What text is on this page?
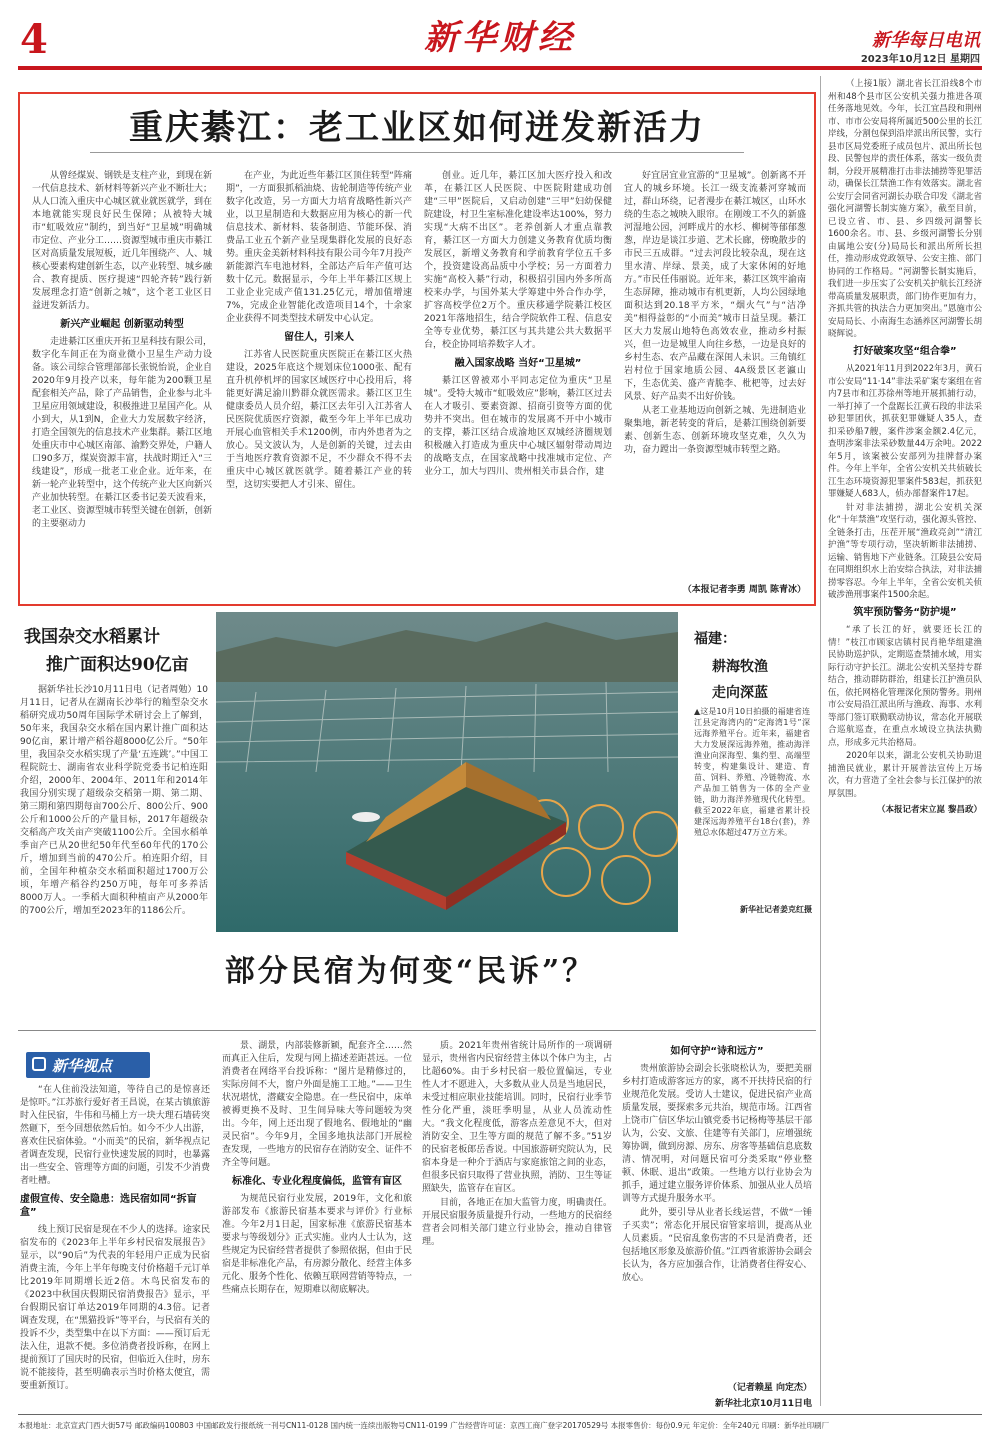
4	新华财经	新华每日电讯
2023年10月12日 星期四
重庆綦江：老工业区如何迸发新活力

从曾经煤炭、钢铁是支柱产业，到现在新一代信息技术、新材料等新兴产业不断壮大；从人口流入重庆中心城区就业就医就学，到在本地就能实现良好民生保障；从被特大城市“虹吸效应”制约，到当好“卫星城”明确城市定位、产业分工……资源型城市重庆市綦江区对高质量发展短板，近几年围绕产、人、城核心要素构建创新生态，以产业转型、城乡融合、教育提质、医疗提速“四轮齐转”践行新发展理念打造“创新之城”，这个老工业区日益迸发新活力。

新兴产业崛起 创新驱动转型

走进綦江区重庆开拓卫星科技有限公司，数字化车间正在为商业微小卫星生产动力设备。该公司综合管理部部长张锐怡说，企业自2020年9月投产以来，每年能为200颗卫星配套相关产品，除了产品销售，企业参与北斗卫星应用领域建设，积极推进卫星国产化。从小到大，从1到N，企业大力发展数字经济，打造全国领先的信息技术产业集群。綦江区地处重庆市中心城区南部、渝黔交界处，户籍人口90多万，煤炭资源丰富，扶战时期迁入“三线建设”，形成一批老工业企业。近年来，在新一轮产业转型中，这个传统产业大区向新兴产业加快转型。在綦江区委书记姜天波看来，老工业区、资源型城市转型关键在创新，创新的主要驱动力

在产业，为此近些年綦江区顶住转型“阵痛期”，一方面狠抓稻油烧、齿轮制造等传统产业数字化改造，另一方面大力培育战略性新兴产业，以卫星制造和大数据应用为核心的新一代信息技术、新材料、装备制造、节能环保、消费品工业五个新产业呈现集群化发展的良好态势。重庆金美新材料科技有限公司今年7月投产新能源汽车电池材料，全部达产后年产值可达数十亿元。数据显示，今年上半年綦江区规上工业企业完成产值131.25亿元，增加值增速7%，完成企业智能化改造项目14个，十余家企业获得不同类型技术研发中心认定。

留住人，引来人

江苏省人民医院重庆医院正在綦江区火热建设，2025年底这个规划床位1000张、配有直升机停机坪的国家区域医疗中心投用后，将能更好满足渝川黔群众就医需求。綦江区卫生健康委员人员介绍，綦江区去年引入江苏省人民医院优质医疗资源，截至今年上半年已成功开展心血管相关手术1200例，市内外患者为之放心。吴文波认为，人是创新的关键，过去由于当地医疗教育资源不足，不少群众不得不去重庆中心城区就医就学。随着綦江产业的转型，这切实要把人才引来、留住。

创业。近几年，綦江区加大医疗投入和改革，在綦江区人民医院、中医院附建成功创建“三甲”医院后，又启动创建“三甲”妇幼保健院建设，村卫生室标准化建设率达100%，努力实现“大病不出区”。老养创新人才重点靠教育，綦江区一方面大力创建义务教育优质均衡发展区，新增义务教育和学前教育学位五千多个，投资建设高品质中小学校；另一方面着力实施“高校入綦”行动，积极招引国内外多所高校来办学，与国外某大学筹建中外合作办学，扩容高校学位2万个。重庆移通学院綦江校区2021年落地招生，结合学院软件工程、信息安全等专业优势，綦江区与其共建公共大数据平台，校企协同培养数字人才。

融入国家战略 当好“卫星城”

綦江区曾被邓小平同志定位为重庆“卫星城”。受特大城市“虹吸效应”影响，綦江区过去在人才吸引、要素资源、招商引资等方面的优势并不突出。但在城市的发展离不开中小城市的支撑，綦江区结合成渝地区双城经济圈规划积极融入打造成为重庆中心城区辐射带动周边的战略支点，在国家战略中找准城市定位、产业分工，加大与四川、贵州相关市县合作，建

好宜居宜业宜游的“卫星城”。创新离不开宜人的城乡环境。长江一级支流綦河穿城而过，群山环绕，记者漫步在綦江城区，山环水绕的生态之城映入眼帘。在刚竣工不久的新盛河湿地公园，河畔成片的水杉、柳树等郁郁葱葱，岸边是谈江步道、艺术长廊，傍晚散步的市民三五成群。“过去河段比较杂乱，现在这里水清、岸绿、景美，成了大家休闲的好地方。”市民任伟丽说。近年来，綦江区筑牢渝南生态屏障，推动城市有机更新，人均公园绿地面积达到20.18平方米，“烟火气”与“洁净美”相得益彰的“小而美”城市日益呈现。綦江区大力发展山地特色高效农业，推动乡村振兴，但一边是城里人向往乡愁，一边是良好的乡村生态、农产品藏在深闺人未识。三角镇红岩村位于国家地质公园、4A级景区老瀛山下，生态优美、盛产青脆李、枇杷等，过去好风景、好产品卖不出好价钱。

从老工业基地迈向创新之城、先进制造业聚集地，新老转变的背后，是綦江围绕创新要素、创新生态、创新环境攻坚克难，久久为功，奋力蹚出一条资源型城市转型之路。

（本报记者李勇 周凯 陈青冰）
我国杂交水稻累计
推广面积达90亿亩

据新华社长沙10月11日电（记者周勉）10月11日，记者从在湖南长沙举行的籼型杂交水稻研究成功50周年国际学术研讨会上了解到，50年来，我国杂交水稻在国内累计推广面积达90亿亩，累计增产稻谷超8000亿公斤。“50年里，我国杂交水稻实现了产量‘五连跳’。”中国工程院院士、湖南省农业科学院党委书记柏连阳介绍，2000年、2004年、2011年和2014年我国分别实现了超级杂交稻第一期、第二期、第三期和第四期每亩700公斤、800公斤、900公斤和1000公斤的产量目标，2017年超级杂交稻高产攻关亩产突破1100公斤。全国水稻单季亩产已从20世纪50年代至60年代的170公斤，增加到当前的470公斤。柏连阳介绍，目前，全国年种植杂交水稻面积超过1700万公顷，年增产稻谷约250万吨，每年可多养活8000万人。一季稻大面积种植亩产从2000年的700公斤，增加至2023年的1186公斤。

福建：
耕海牧渔
走向深蓝

▲这是10月10日拍摄的福建省连江县定海湾内的“定海湾1号”深远海养殖平台。近年来，福建省大力发展深远海养殖，推动海洋渔业向深海型、集约型、高端型转变，构建集设计、建造、育苗、饲料、养殖、冷链物流、水产品加工销售为一体的全产业链，助力海洋养殖现代化转型。截至2022年底，福建省累计投建深远海养殖平台18台(套)，养殖总水体超过47万立方米。

新华社记者姜克红摄
部分民宿为何变“民诉”？
新华视点

“在人住前没法知道，等待自己的是惊喜还是惊吓。”江苏旅行爱好者王昌说，在某古镇旅游时入住民宿，牛伟和马桶上方一块大理石墙砖突然砸下，至今回想依然后怕。如今不少人出游，喜欢住民宿体验。“小而美”的民宿，新华视点记者调查发现，民宿行业快速发展的同时，也暴露出一些安全、管理等方面的问题，引发不少消费者吐槽。

虚假宣传、安全隐患：选民宿如同“拆盲盒”

线上预订民宿是现在不少人的选择。途家民宿发布的《2023年上半年乡村民宿发展报告》显示，以“90后”为代表的年轻用户正成为民宿消费主流，今年上半年每晚支付价格超千元订单比2019年同期增长近2倍。木鸟民宿发布的《2023中秋国庆假期民宿消费报告》显示，平台假期民宿订单达2019年同期的4.3倍。记者调查发现，在“黑猫投诉”等平台，与民宿有关的投诉不少，类型集中在以下方面：——预订后无法入住，退款不便。多位消费者投诉称，在网上提前预订了国庆时的民宿，但临近入住时，房东说不能接待，甚至明确表示当时价格太便宜，需要重新预订。

景、湖景，内部装修新颖，配套齐全……然而真正入住后，发现与网上描述差距甚远。一位消费者在网络平台投诉称：“图片是精修过的，实际房间不大，窗户外面是施工工地。”——卫生状况堪忧，潜藏安全隐患。在一些民宿中，床单被褥更换不及时、卫生间异味大等问题较为突出。今年，网上还出现了假地名、假地址的“幽灵民宿”。今年9月，全国多地执法部门开展检查发现，一些地方的民宿存在消防安全、证件不齐全等问题。

标准化、专业化程度偏低，监管有盲区

为规范民宿行业发展，2019年，文化和旅游部发布《旅游民宿基本要求与评价》行业标准。今年2月1日起，国家标准《旅游民宿基本要求与等级划分》正式实施。业内人士认为，这些规定为民宿经营者提供了参照依据，但由于民宿是非标准化产品，有房源分散化、经营主体多元化、服务个性化、依赖互联网营销等特点，一些痛点长期存在，短期难以彻底解决。

质。2021年贵州省统计局所作的一项调研显示，贵州省内民宿经营主体以个体户为主，占比超60%。由于乡村民宿一般位置偏远，专业性人才不愿进入，大多数从业人员是当地居民，未受过相应职业技能培训。同时，民宿行业季节性分化严重，淡旺季明显，从业人员流动性大。“我文化程度低，游客点差意见不大，但对消防安全、卫生等方面的规范了解不多。”51岁的民宿老板郎岳香说。中国旅游研究院认为，民宿本身是一种介于酒店与家庭旅馆之间的业态，但很多民宿只取得了营业执照，消防、卫生等证照缺失，监管存在盲区。

目前，各地正在加大监管力度，明确责任。开展民宿服务质量提升行动，一些地方的民宿经营者会同相关部门建立行业协会，推动自律管理。

如何守护“诗和远方”

贵州旅游协会副会长张晓松认为，要把美丽乡村打造成游客远方的家，离不开扶持民宿的行业规范化发展。受访人士建议，促进民宿产业高质量发展，要探索多元共治，规范市场。江西省上饶市广信区华坛山镇党委书记杨梅等基层干部认为，公安、文旅、住建等有关部门，应增强统筹协调，做到房源、房东、房客等基础信息底数清、情况明，对问题民宿可分类采取“停业整顿、休眠、退出”政策。一些地方以行业协会为抓手，通过建立服务评价体系、加强从业人员培训等方式提升服务水平。

此外，要引导从业者长线运营，不做“一锤子买卖”；常态化开展民宿管家培训，提高从业人员素质。“民宿乱象伤害的不只是消费者，还包括地区形象及旅游价值。”江西省旅游协会副会长认为，各方应加强合作，让消费者住得安心、放心。

（记者赖星 向定杰）
新华社北京10月11日电

（上接1版）湖北省长江沿线8个市州和48个县市区公安机关强力推进各项任务落地见效。今年，长江宜昌段和荆州市、市市公安局将所属近500公里的长江岸线，分割包保到沿岸派出所民警，实行县市区局党委班子成员包片、派出所长包段、民警包岸的责任体系，落实一级负责制，分段开展精准打击非法捕捞等犯罪活动，确保长江禁渔工作有效落实。湖北省公安厅会同省河湖长办联合印发《湖北省强化河湖警长制实施方案》，截至目前，已设立省、市、县、乡四级河湖警长1600余名。市、县、乡级河湖警长分别由属地公安(分)局局长和派出所所长担任，推动形成党政领导、公安主推、部门协同的工作格局。“河湖警长制实施后，我们进一步压实了公安机关护航长江经济带高质量发展职责，部门协作更加有力，齐抓共管的执法合力更加突出。”恩施市公安局局长、小南海生态涵养区河湖警长胡晓辉说。

打好破案攻坚“组合拳”

从2021年11月到2022年3月，黄石市公安局“11·14”非法采矿案专案组在省内7县市和江苏徐州等地开展抓捕行动，一举打掉了一个盘踞长江黄石段的非法采砂犯罪团伙，抓获犯罪嫌疑人35人，查扣采砂船7艘，案件涉案金额2.4亿元，查明涉案非法采砂数量44万余吨。2022年5月，该案被公安部列为挂牌督办案件。今年上半年，全省公安机关共侦破长江生态环境资源犯罪案件583起，抓获犯罪嫌疑人683人，侦办部督案件17起。

针对非法捕捞，湖北公安机关深化“十年禁渔”攻坚行动，强化源头管控、全链条打击，压茬开展“渔政亮剑”“清江护渔”等专项行动，坚决斩断非法捕捞、运输、销售地下产业链条。江陵县公安局在同期组织水上治安综合执法，对非法捕捞零容忍。今年上半年，全省公安机关侦破涉渔刑事案件1500余起。

筑牢预防警务“防护堤”

“承了长江的好，就要还长江的情！”枝江市顾家店镇村民肖艳华组建渔民协助巡护队，定期巡查禁捕水域，用实际行动守护长江。湖北公安机关坚持专群结合，推动群防群治，组建长江护渔员队伍，依托网格化管理深化预防警务。荆州市公安局沿江派出所与渔政、海事、水利等部门签订联勤联动协议，常态化开展联合巡航巡查，在重点水域设立执法执勤点，形成多元共治格局。

2020年以来，湖北公安机关协助退捕渔民就业，累计开展普法宣传上万场次，有力营造了全社会参与长江保护的浓厚氛围。

（本报记者宋立崑 黎昌政）
本报地址：北京宣武门西大街57号 邮政编码100803 中国邮政发行报纸统一刊号CN11-0128 国内统一连续出版物号CN11-0199 广告经营许可证：京西工商广登字20170529号 本报零售价：每份0.9元 年定价：全年240元 印刷：新华社印刷厂
